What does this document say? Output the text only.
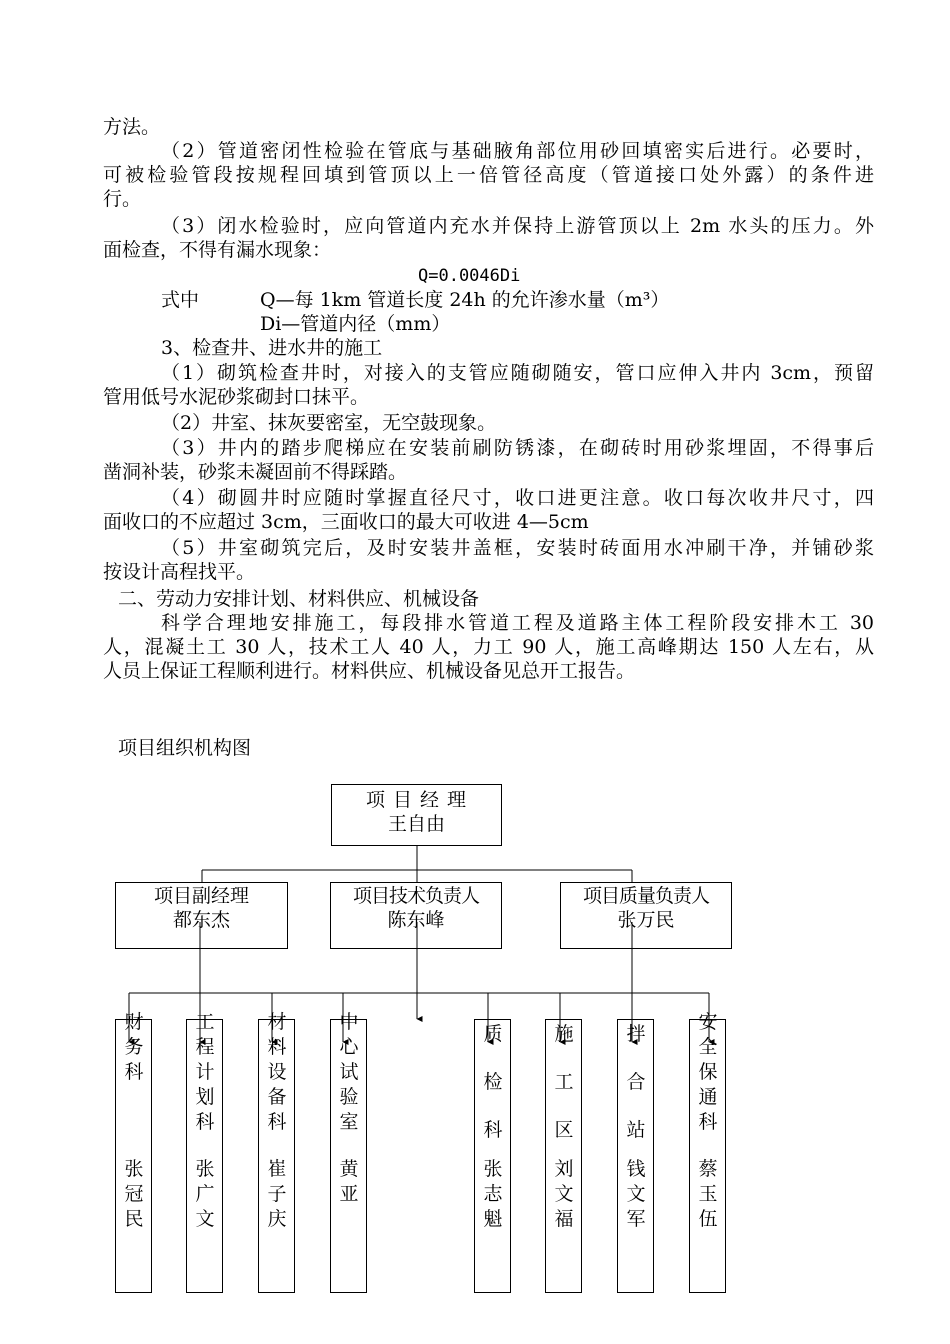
方法。
（2）管道密闭性检验在管底与基础腋角部位用砂回填密实后进行。必要时，
可被检验管段按规程回填到管顶以上一倍管径高度（管道接口处外露）的条件进
行。
（3）闭水检验时，应向管道内充水并保持上游管顶以上 2m 水头的压力。外
面检查，不得有漏水现象：
Q=0.0046Di
式中	Q—每 1km 管道长度 24h 的允许渗水量（m³）
Di—管道内径（mm）
3、检查井、进水井的施工
（1）砌筑检查井时，对接入的支管应随砌随安，管口应伸入井内 3cm，预留
管用低号水泥砂浆砌封口抹平。
（2）井室、抹灰要密室，无空鼓现象。
（3）井内的踏步爬梯应在安装前刷防锈漆，在砌砖时用砂浆埋固，不得事后
凿洞补装，砂浆未凝固前不得踩踏。
（4）砌圆井时应随时掌握直径尺寸，收口进更注意。收口每次收井尺寸，四
面收口的不应超过 3cm，三面收口的最大可收进 4—5cm
（5）井室砌筑完后，及时安装井盖框，安装时砖面用水冲刷干净，并铺砂浆
按设计高程找平。
二、劳动力安排计划、材料供应、机械设备
科学合理地安排施工，每段排水管道工程及道路主体工程阶段安排木工 30
人，混凝土工 30 人，技术工人 40 人，力工 90 人，施工高峰期达 150 人左右，从
人员上保证工程顺利进行。材料供应、机械设备见总开工报告。
项目组织机构图
项 目 经 理
王自由
项目副经理
都东杰
项目技术负责人
陈东峰
项目质量负责人
张万民
财务科
张冠民
工程计划科
张广文
材料设备科
崔子庆
中心试验室
黄亚
质检科
张志魁
施工区
刘文福
拌合站
钱文军
安全保通科
蔡玉伍
